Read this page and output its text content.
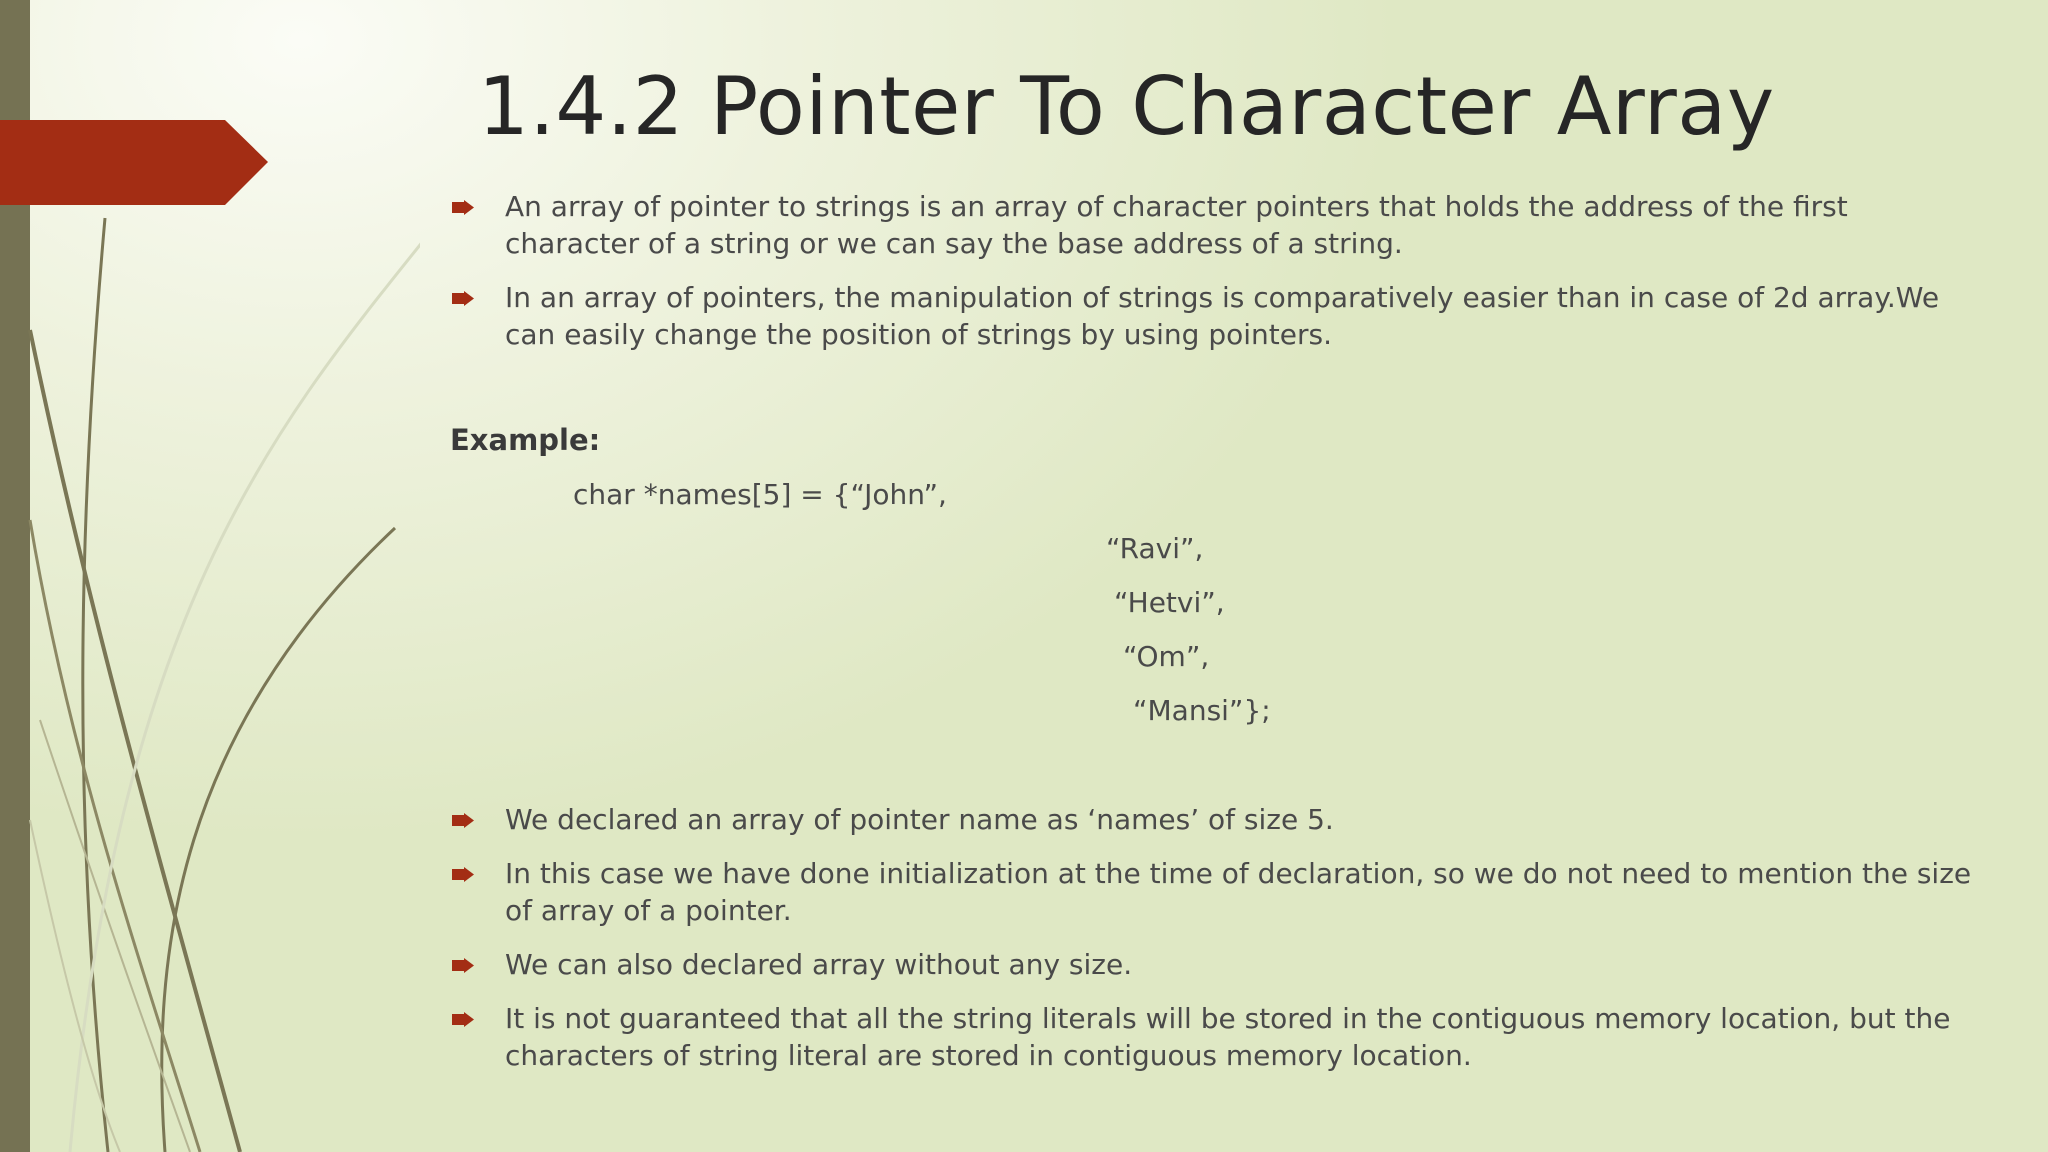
1.4.2 Pointer To Character Array
An array of pointer to strings is an array of character pointers that holds the address of the first character of a string or we can say the base address of a string.
In an array of pointers, the manipulation of strings is comparatively easier than in case of 2d array.We can easily change the position of strings by using pointers.
Example:
char *names[5] = {“John”,
“Ravi”,
“Hetvi”,
“Om”,
“Mansi”};
We declared an array of pointer name as ‘names’ of size 5.
In this case we have done initialization at the time of declaration, so we do not need to mention the size of array of a pointer.
We can also declared array without any size.
It is not guaranteed that all the string literals will be stored in the contiguous memory location, but the characters of string literal are stored in contiguous memory location.
